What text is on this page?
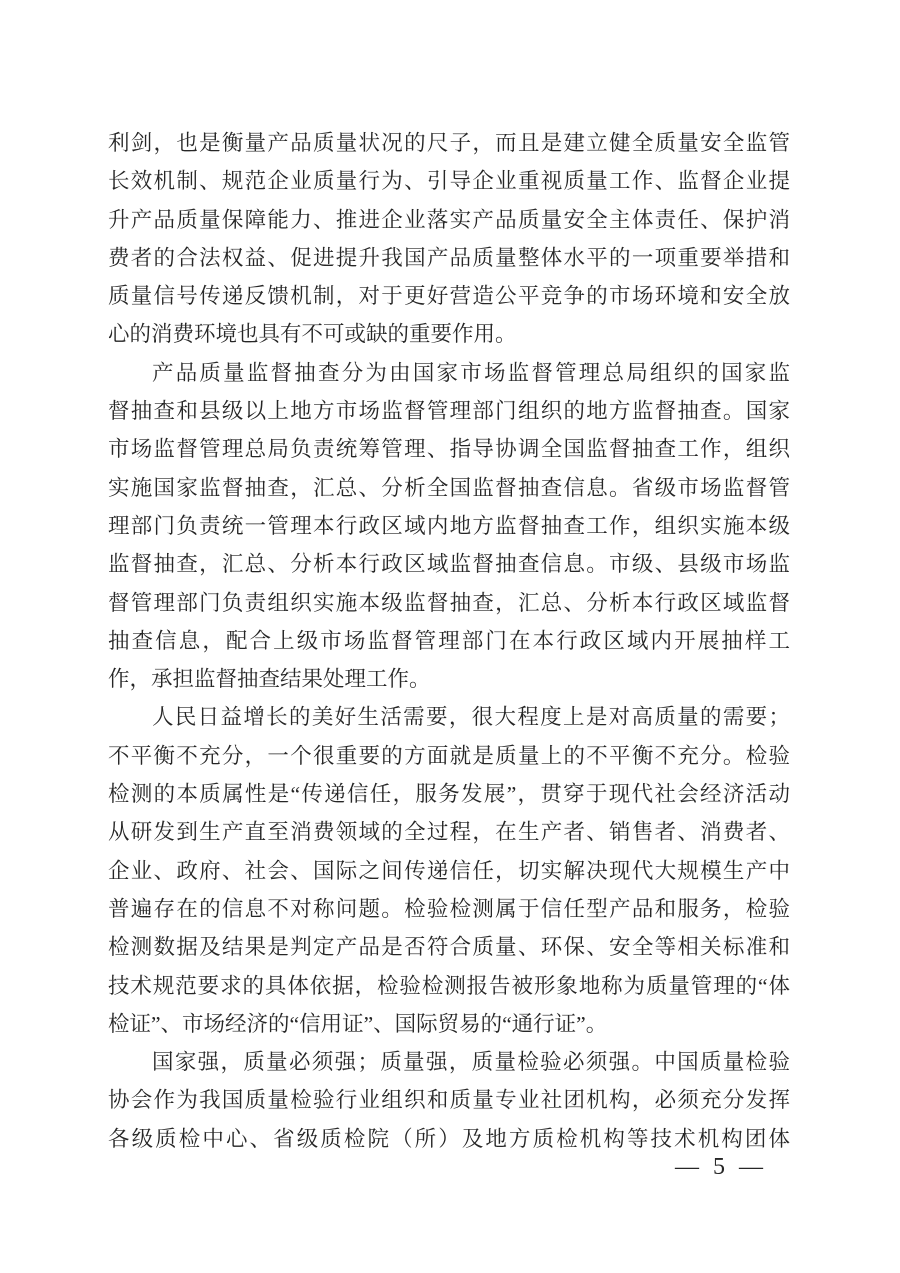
利剑，也是衡量产品质量状况的尺子，而且是建立健全质量安全监管
长效机制、规范企业质量行为、引导企业重视质量工作、监督企业提
升产品质量保障能力、推进企业落实产品质量安全主体责任、保护消
费者的合法权益、促进提升我国产品质量整体水平的一项重要举措和
质量信号传递反馈机制，对于更好营造公平竞争的市场环境和安全放
心的消费环境也具有不可或缺的重要作用。
产品质量监督抽查分为由国家市场监督管理总局组织的国家监
督抽查和县级以上地方市场监督管理部门组织的地方监督抽查。国家
市场监督管理总局负责统筹管理、指导协调全国监督抽查工作，组织
实施国家监督抽查，汇总、分析全国监督抽查信息。省级市场监督管
理部门负责统一管理本行政区域内地方监督抽查工作，组织实施本级
监督抽查，汇总、分析本行政区域监督抽查信息。市级、县级市场监
督管理部门负责组织实施本级监督抽查，汇总、分析本行政区域监督
抽查信息，配合上级市场监督管理部门在本行政区域内开展抽样工
作，承担监督抽查结果处理工作。
人民日益增长的美好生活需要，很大程度上是对高质量的需要；
不平衡不充分，一个很重要的方面就是质量上的不平衡不充分。检验
检测的本质属性是“传递信任，服务发展”，贯穿于现代社会经济活动
从研发到生产直至消费领域的全过程，在生产者、销售者、消费者、
企业、政府、社会、国际之间传递信任，切实解决现代大规模生产中
普遍存在的信息不对称问题。检验检测属于信任型产品和服务，检验
检测数据及结果是判定产品是否符合质量、环保、安全等相关标准和
技术规范要求的具体依据，检验检测报告被形象地称为质量管理的“体
检证”、市场经济的“信用证”、国际贸易的“通行证”。
国家强，质量必须强；质量强，质量检验必须强。中国质量检验
协会作为我国质量检验行业组织和质量专业社团机构，必须充分发挥
各级质检中心、省级质检院（所）及地方质检机构等技术机构团体
— 5 —
